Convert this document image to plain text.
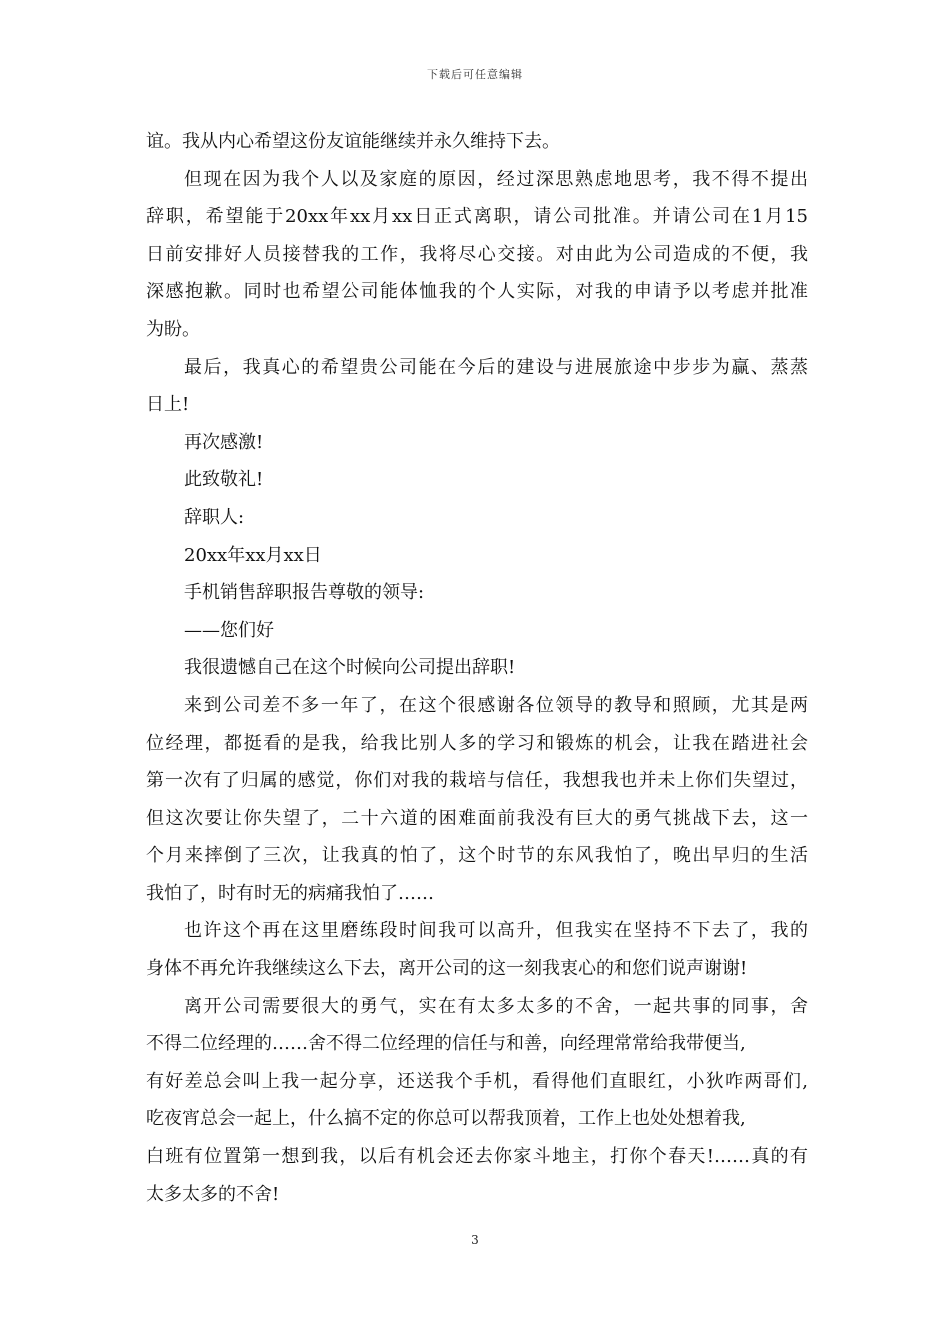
下载后可任意编辑
谊。我从内心希望这份友谊能继续并永久维持下去。
但现在因为我个人以及家庭的原因，经过深思熟虑地思考，我不得不提出
辞职，希望能于20xx年xx月xx日正式离职，请公司批准。并请公司在1月15
日前安排好人员接替我的工作，我将尽心交接。对由此为公司造成的不便，我
深感抱歉。同时也希望公司能体恤我的个人实际，对我的申请予以考虑并批准
为盼。
最后，我真心的希望贵公司能在今后的建设与进展旅途中步步为赢、蒸蒸
日上!
再次感激!
此致敬礼!
辞职人:
20xx年xx月xx日
手机销售辞职报告尊敬的领导:
——您们好
我很遗憾自己在这个时候向公司提出辞职!
来到公司差不多一年了，在这个很感谢各位领导的教导和照顾，尤其是两
位经理，都挺看的是我，给我比别人多的学习和锻炼的机会，让我在踏进社会
第一次有了归属的感觉，你们对我的栽培与信任，我想我也并未上你们失望过，
但这次要让你失望了，二十六道的困难面前我没有巨大的勇气挑战下去，这一
个月来摔倒了三次，让我真的怕了，这个时节的东风我怕了，晚出早归的生活
我怕了，时有时无的病痛我怕了……
也许这个再在这里磨练段时间我可以高升，但我实在坚持不下去了，我的
身体不再允许我继续这么下去，离开公司的这一刻我衷心的和您们说声谢谢!
离开公司需要很大的勇气，实在有太多太多的不舍，一起共事的同事，舍
不得二位经理的……舍不得二位经理的信任与和善，向经理常常给我带便当,
有好差总会叫上我一起分享，还送我个手机，看得他们直眼红，小狄咋两哥们,
吃夜宵总会一起上，什么搞不定的你总可以帮我顶着，工作上也处处想着我,
白班有位置第一想到我，以后有机会还去你家斗地主，打你个春天!……真的有
太多太多的不舍!
3
